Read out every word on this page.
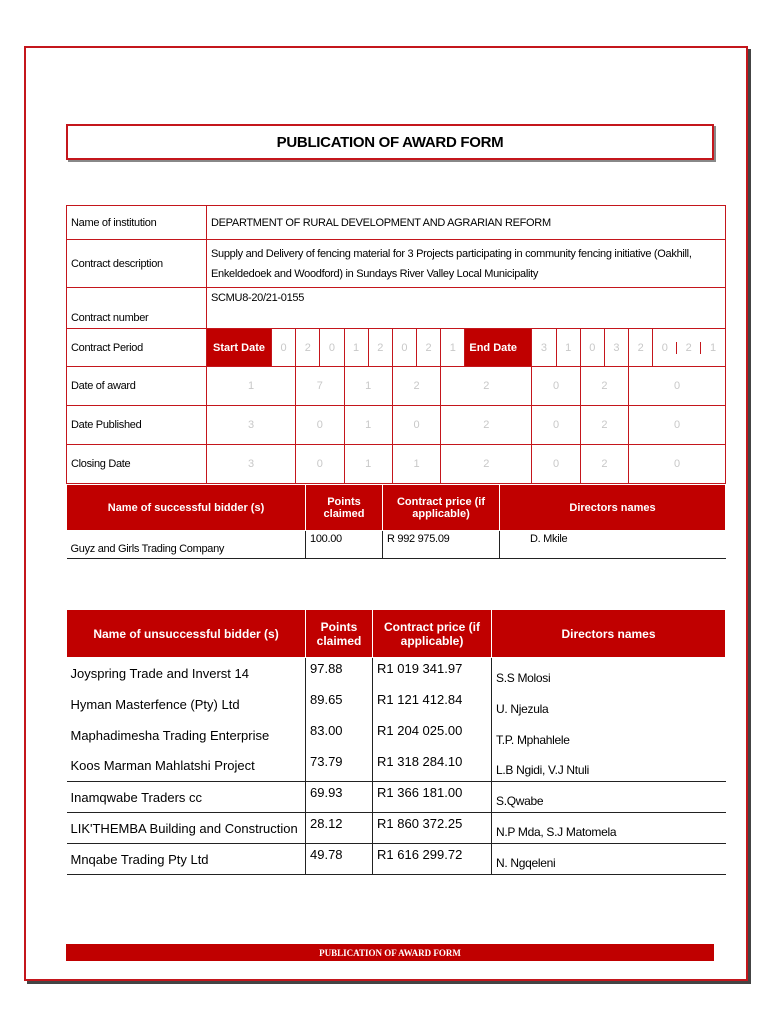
PUBLICATION OF AWARD FORM
Name of institution	DEPARTMENT OF RURAL DEVELOPMENT AND AGRARIAN REFORM
Contract description	Supply and Delivery of fencing material for 3 Projects participating in community fencing initiative (Oakhill, Enkeldedoek and Woodford) in Sundays River Valley Local Municipality
Contract number	SCMU8-20/21-0155
Contract Period	Start Date	0	2	0	1	2	0	2	1	End Date	3	1	0	3	2	0	2	1

Date of award	1	7	1	2	2	0	2	0
Date Published	3	0	1	0	2	0	2	0
Closing Date	3	0	1	1	2	0	2	0
Name of successful bidder (s)	Points claimed	Contract price (if applicable)	Directors names
Guyz and Girls Trading Company	100.00	R 992 975.09	D. Mkile
Name of unsuccessful bidder (s)	Points claimed	Contract price (if applicable)	Directors names
Joyspring Trade and Inverst 14	97.88	R1 019 341.97	S.S Molosi
Hyman Masterfence (Pty) Ltd	89.65	R1 121 412.84	U. Njezula
Maphadimesha Trading Enterprise	83.00	R1 204 025.00	T.P. Mphahlele
Koos Marman Mahlatshi Project	73.79	R1 318 284.10	L.B Ngidi, V.J Ntuli
Inamqwabe Traders cc	69.93	R1 366 181.00	S.Qwabe
LIK'THEMBA Building and Construction	28.12	R1 860 372.25	N.P Mda, S.J Matomela
Mnqabe Trading Pty Ltd	49.78	R1 616 299.72	N. Ngqeleni
PUBLICATION OF AWARD FORM
